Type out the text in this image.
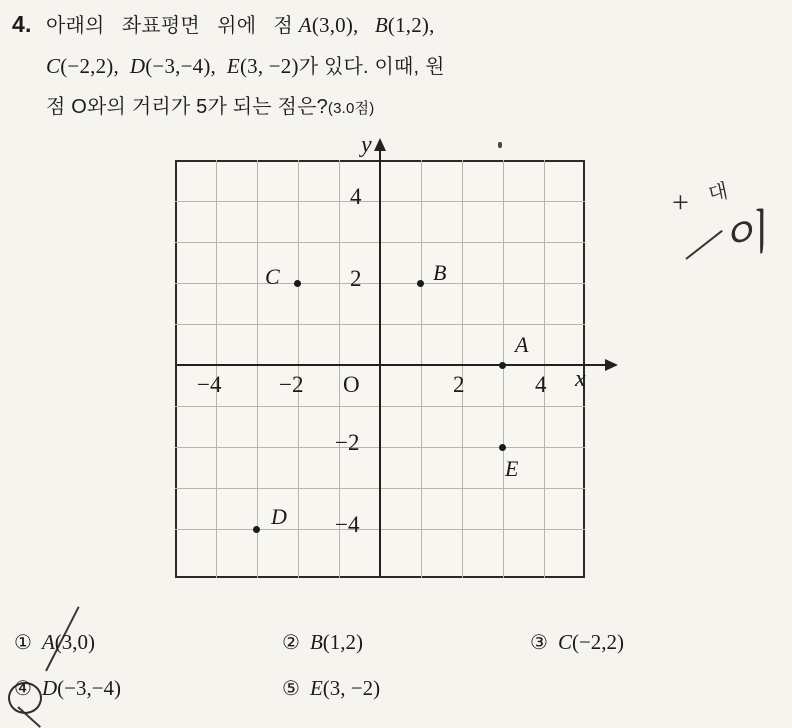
4. 아래의   좌표평면   위에   점 A (3,0),
B (1,2),
C (−2,2),
D (−3,−4),
E (3, −2) 가 있다. 이때, 원
점 O와의 거리가 5가 되는 점은? (3.0점)
y
x
−4	−2	2	4
O
4
2
−2
−4
C	B
A
E
D
+ 대
이
① A (3,0)	② B (1,2)	③ C (−2,2)
④ D (−3,−4)	⑤ E (3, −2)
